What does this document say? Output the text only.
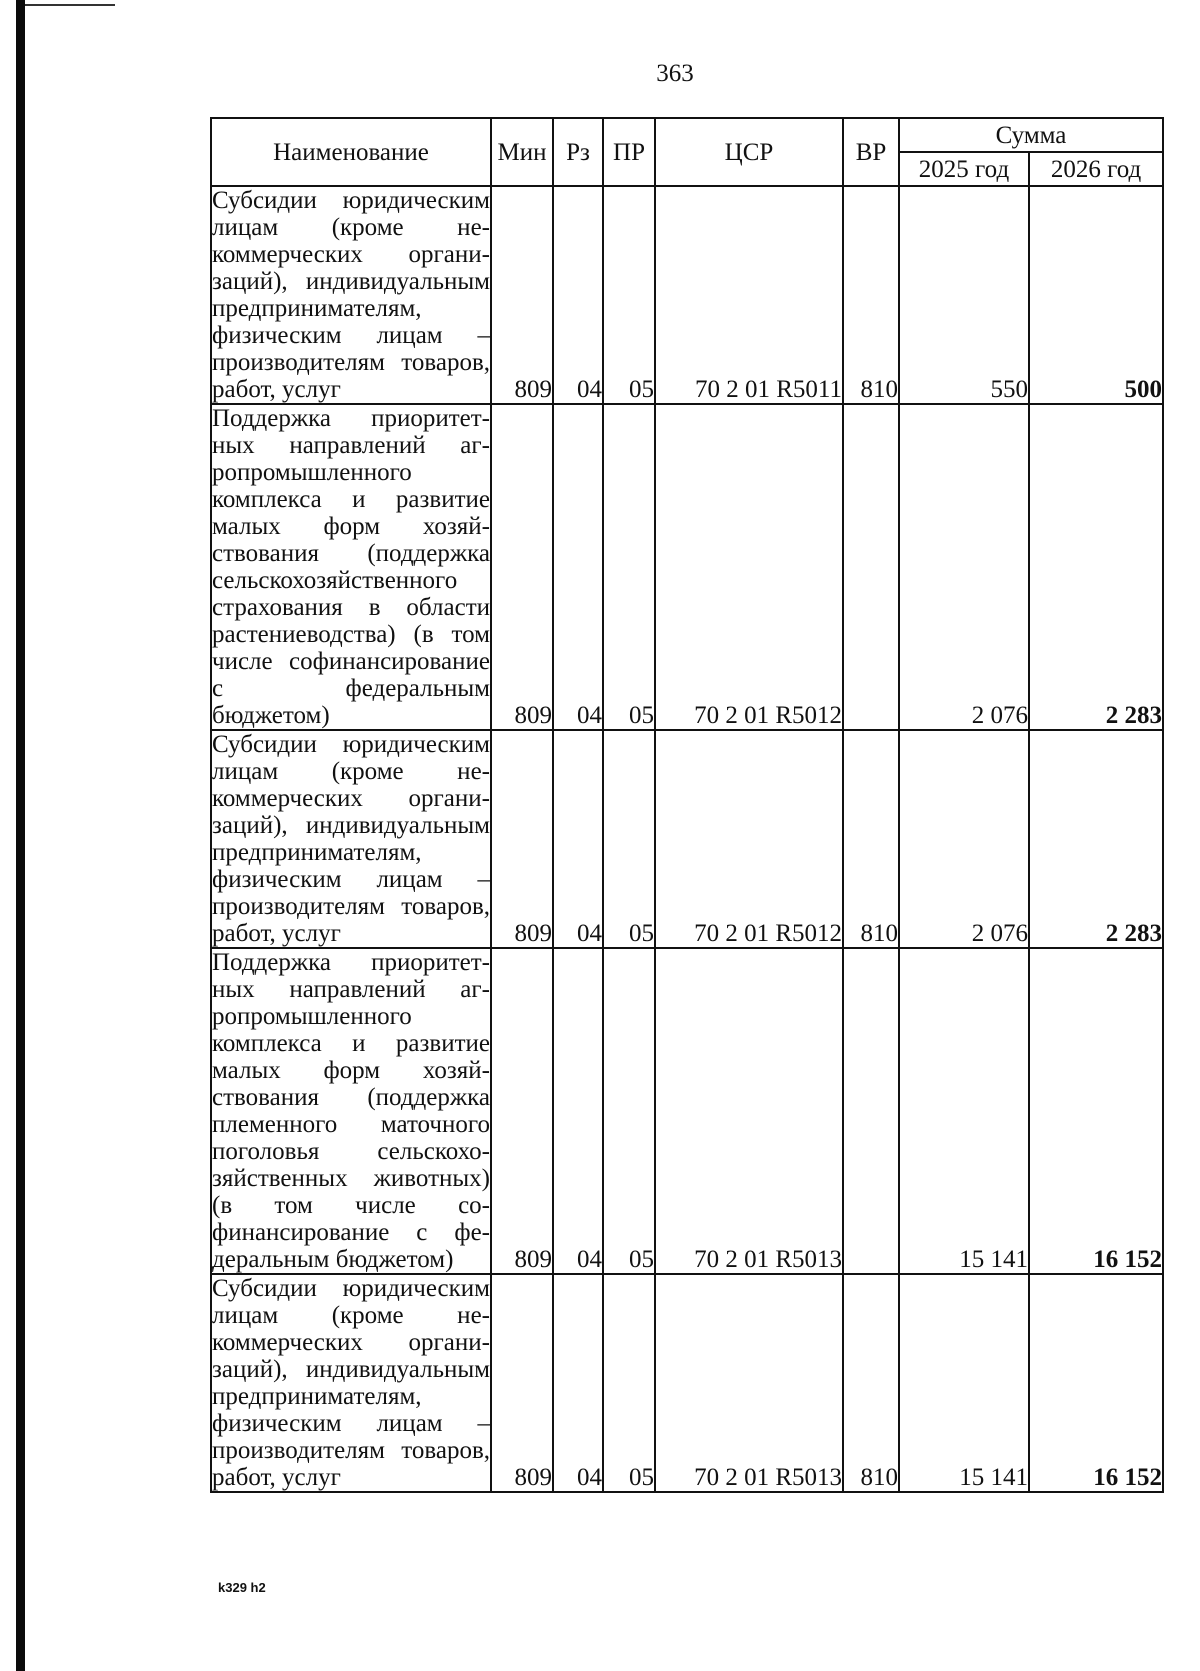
363
Наименование	Мин	Рз	ПР	ЦСР	ВР	Сумма	
						2025 год	2026 год
Субсидии юридическим лицам (кроме некоммерческих организаций), индивидуальным предпринимателям, физическим лицам – производителям товаров, работ, услуг	809	04	05	70 2 01 R5011	810	550	500
Поддержка приоритетных направлений агропромышленного комплекса и развитие малых форм хозяйствования (поддержка сельскохозяйственного страхования в области растениеводства) (в том числе софинансирование с федеральным бюджетом)	809	04	05	70 2 01 R5012		2 076	2 283
Субсидии юридическим лицам (кроме некоммерческих организаций), индивидуальным предпринимателям, физическим лицам – производителям товаров, работ, услуг	809	04	05	70 2 01 R5012	810	2 076	2 283
Поддержка приоритетных направлений агропромышленного комплекса и развитие малых форм хозяйствования (поддержка племенного маточного поголовья сельскохозяйственных животных) (в том числе софинансирование с федеральным бюджетом)	809	04	05	70 2 01 R5013		15 141	16 152
Субсидии юридическим лицам (кроме некоммерческих организаций), индивидуальным предпринимателям, физическим лицам – производителям товаров, работ, услуг	809	04	05	70 2 01 R5013	810	15 141	16 152
k329 h2
